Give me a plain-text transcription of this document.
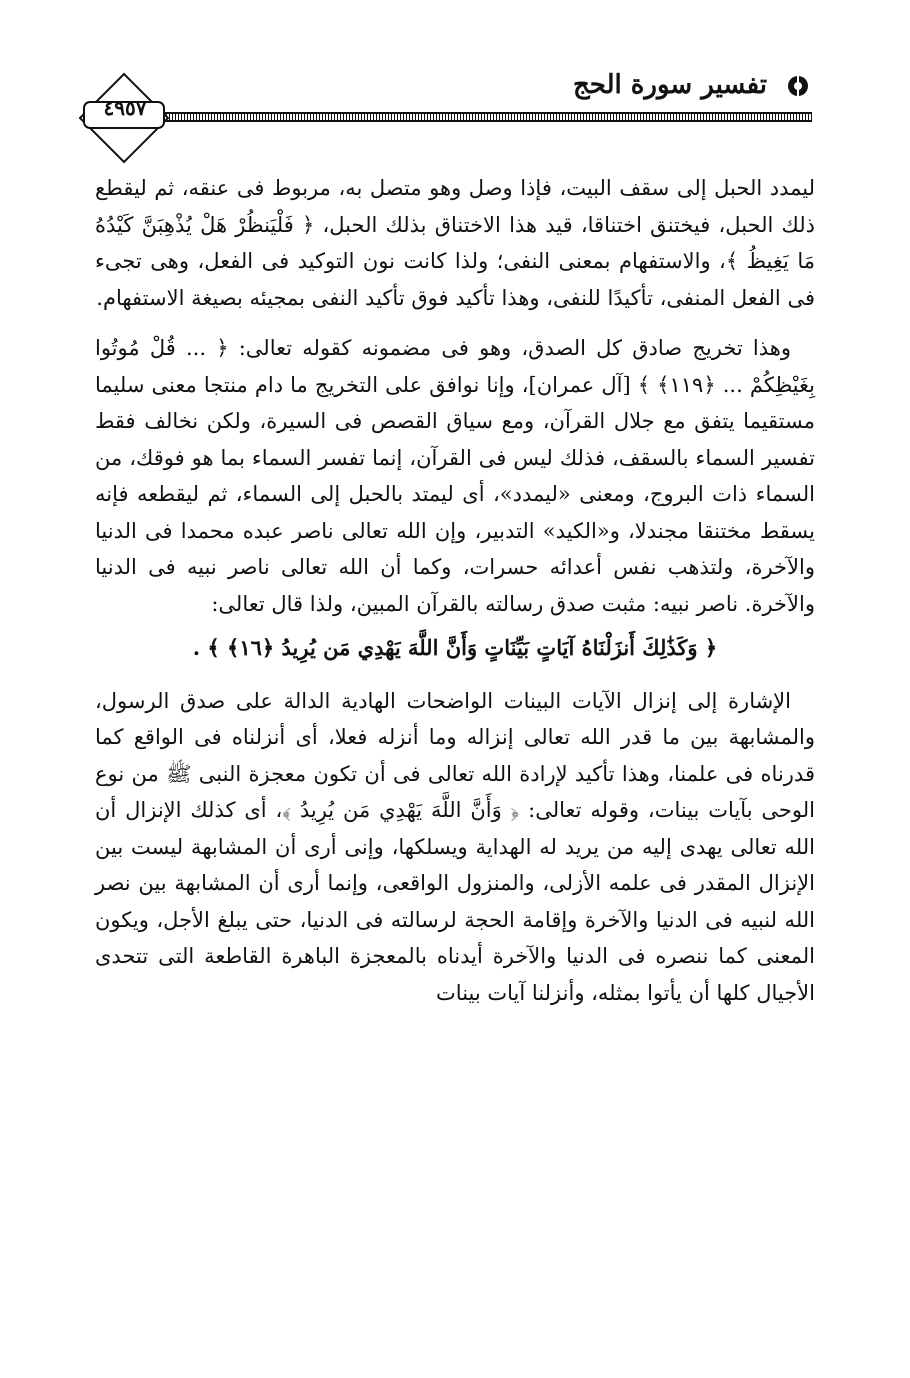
تفسير سورة الحج
٤٩٥٧

ليمدد الحبل إلى سقف البيت، فإذا وصل وهو متصل به، مربوط فى عنقه، ثم ليقطع ذلك الحبل، فيختنق اختناقا، قيد هذا الاختناق بذلك الحبل، ﴿ فَلْيَنظُرْ هَلْ يُذْهِبَنَّ كَيْدُهُ مَا يَغِيظُ ﴾، والاستفهام بمعنى النفى؛ ولذا كانت نون التوكيد فى الفعل، وهى تجىء فى الفعل المنفى، تأكيدًا للنفى، وهذا تأكيد فوق تأكيد النفى بمجيئه بصيغة الاستفهام.

وهذا تخريج صادق كل الصدق، وهو فى مضمونه كقوله تعالى: ﴿ ... قُلْ مُوتُوا بِغَيْظِكُمْ ... ﴿١١٩﴾ ﴾ [آل عمران]، وإنا نوافق على التخريج ما دام منتجا معنى سليما مستقيما يتفق مع جلال القرآن، ومع سياق القصص فى السيرة، ولكن نخالف فقط تفسير السماء بالسقف، فذلك ليس فى القرآن، إنما تفسر السماء بما هو فوقك، من السماء ذات البروج، ومعنى «ليمدد»، أى ليمتد بالحبل إلى السماء، ثم ليقطعه فإنه يسقط مختنقا مجندلا، و«الكيد» التدبير، وإن الله تعالى ناصر عبده محمدا فى الدنيا والآخرة، ولتذهب نفس أعدائه حسرات، وكما أن الله تعالى ناصر نبيه فى الدنيا والآخرة. ناصر نبيه: مثبت صدق رسالته بالقرآن المبين، ولذا قال تعالى:

﴿ وَكَذَٰلِكَ أَنزَلْنَاهُ آيَاتٍ بَيِّنَاتٍ وَأَنَّ اللَّهَ يَهْدِي مَن يُرِيدُ ﴿١٦﴾ ﴾ .

الإشارة إلى إنزال الآيات البينات الواضحات الهادية الدالة على صدق الرسول، والمشابهة بين ما قدر الله تعالى إنزاله وما أنزله فعلا، أى أنزلناه فى الواقع كما قدرناه فى علمنا، وهذا تأكيد لإرادة الله تعالى فى أن تكون معجزة النبى ﷺ من نوع الوحى بآيات بينات، وقوله تعالى: ﴿ وَأَنَّ اللَّهَ يَهْدِي مَن يُرِيدُ ﴾، أى كذلك الإنزال أن الله تعالى يهدى إليه من يريد له الهداية ويسلكها، وإنى أرى أن المشابهة ليست بين الإنزال المقدر فى علمه الأزلى، والمنزول الواقعى، وإنما أرى أن المشابهة بين نصر الله لنبيه فى الدنيا والآخرة وإقامة الحجة لرسالته فى الدنيا، حتى يبلغ الأجل، ويكون المعنى كما ننصره فى الدنيا والآخرة أيدناه بالمعجزة الباهرة القاطعة التى تتحدى الأجيال كلها أن يأتوا بمثله، وأنزلنا آيات بينات
